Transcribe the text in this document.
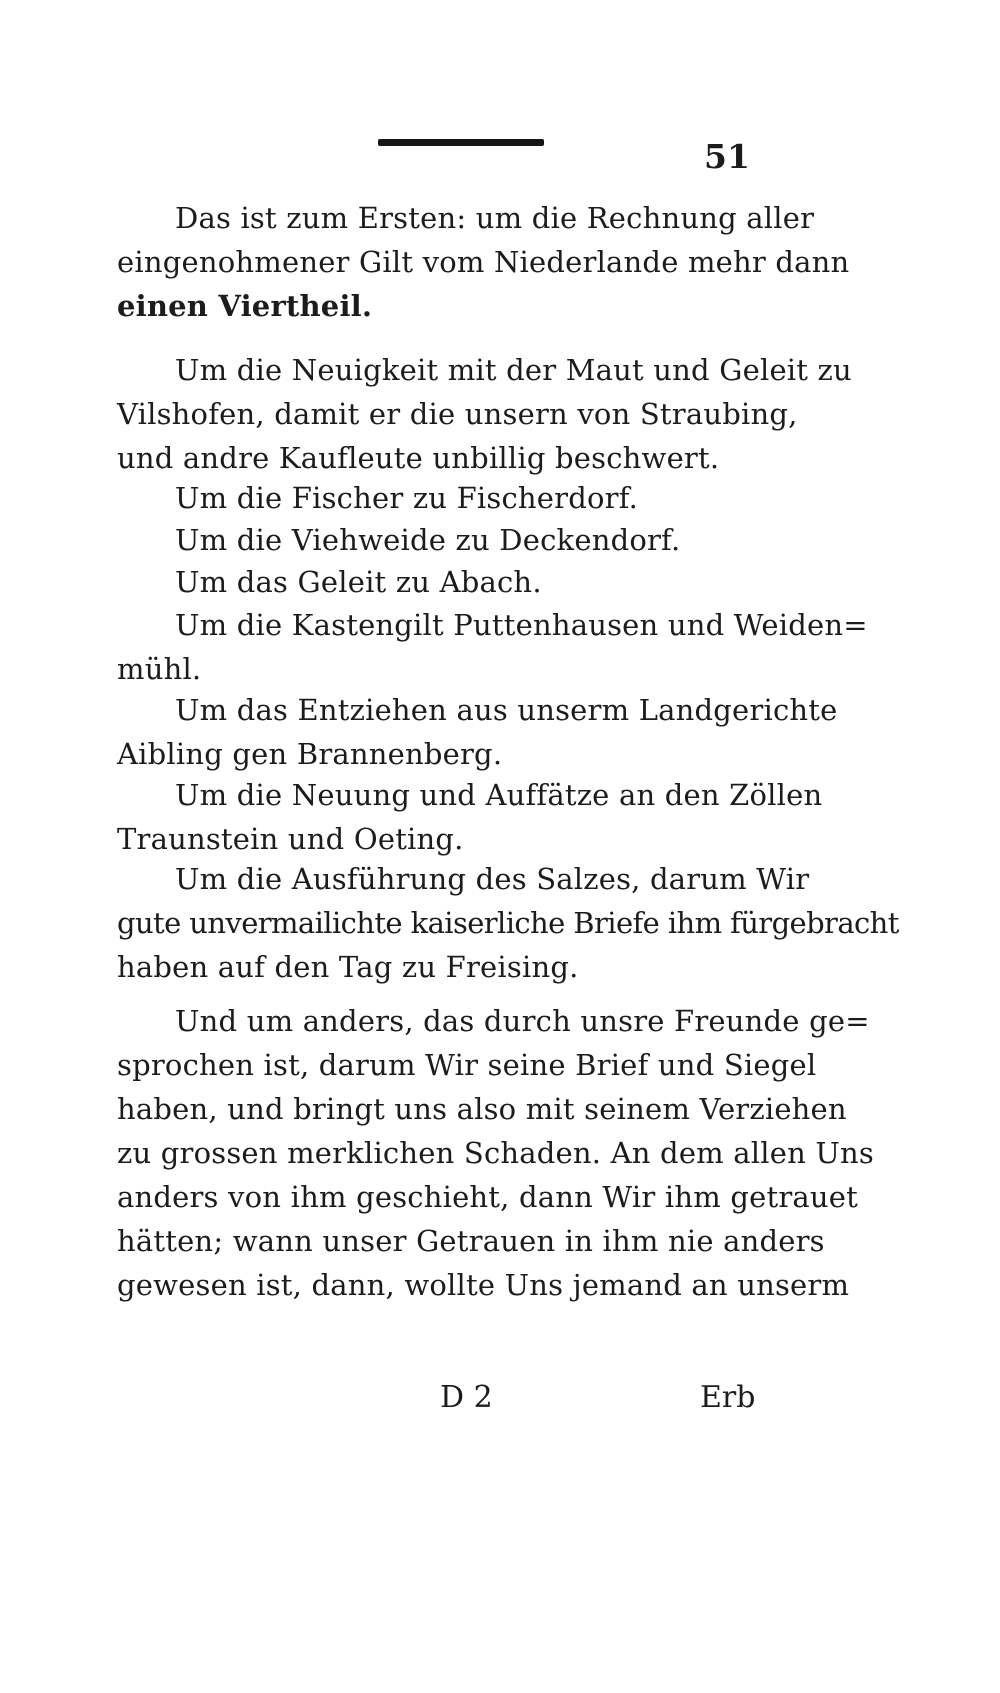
51
Das ist zum Ersten: um die Rechnung aller
eingenohmener Gilt vom Niederlande mehr dann
einen Viertheil.
Um die Neuigkeit mit der Maut und Geleit zu
Vilshofen, damit er die unsern von Straubing,
und andre Kaufleute unbillig beschwert.
Um die Fischer zu Fischerdorf.
Um die Viehweide zu Deckendorf.
Um das Geleit zu Abach.
Um die Kastengilt Puttenhausen und Weiden=
mühl.
Um das Entziehen aus unserm Landgerichte
Aibling gen Brannenberg.
Um die Neuung und Auffätze an den Zöllen
Traunstein und Oeting.
Um die Ausführung des Salzes, darum Wir
gute unvermailichte kaiserliche Briefe ihm fürgebracht
haben auf den Tag zu Freising.
Und um anders, das durch unsre Freunde ge=
sprochen ist, darum Wir seine Brief und Siegel
haben, und bringt uns also mit seinem Verziehen
zu grossen merklichen Schaden. An dem allen Uns
anders von ihm geschieht, dann Wir ihm getrauet
hätten; wann unser Getrauen in ihm nie anders
gewesen ist, dann, wollte Uns jemand an unserm
D 2	Erb
